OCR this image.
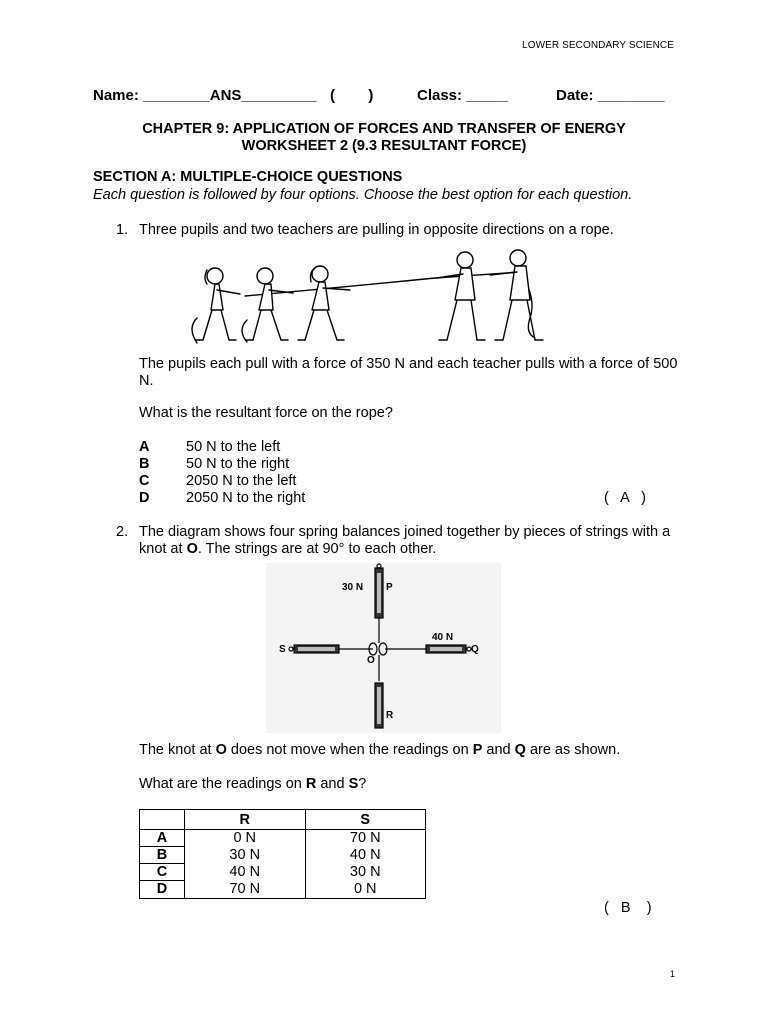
LOWER SECONDARY SCIENCE
Name: ________ANS_________ (        )	Class: _____	Date: ________
CHAPTER 9: APPLICATION OF FORCES AND TRANSFER OF ENERGY
WORKSHEET 2 (9.3 RESULTANT FORCE)
SECTION A: MULTIPLE-CHOICE QUESTIONS
Each question is followed by four options. Choose the best option for each question.
1. Three pupils and two teachers are pulling in opposite directions on a rope.
The pupils each pull with a force of 350 N and each teacher pulls with a force of 500 N.
What is the resultant force on the rope?
A	50 N to the left
B	50 N to the right
C	2050 N to the left
D	2050 N to the right	(   A   )
2. The diagram shows four spring balances joined together by pieces of strings with a knot at O. The strings are at 90° to each other.
30 N P
40 N
Q
S
O
R
The knot at O does not move when the readings on P and Q are as shown.
What are the readings on R and S?
	R	S
A	0 N	70 N
B	30 N	40 N
C	40 N	30 N
D	70 N	0 N
(   B    )
1
